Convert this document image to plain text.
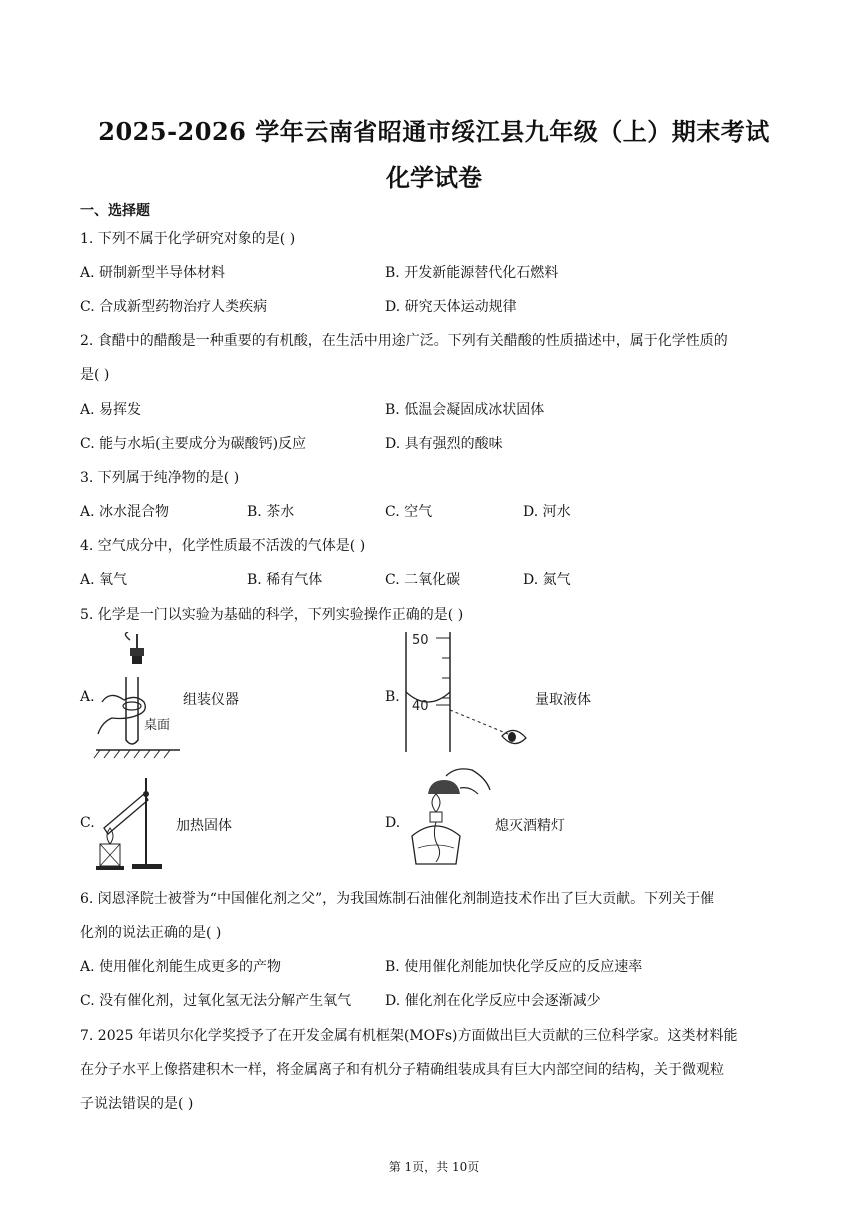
2025-2026 学年云南省昭通市绥江县九年级（上）期末考试
化学试卷
一、选择题
1. 下列不属于化学研究对象的是( )
A. 研制新型半导体材料	B. 开发新能源替代化石燃料
C. 合成新型药物治疗人类疾病	D. 研究天体运动规律
2. 食醋中的醋酸是一种重要的有机酸，在生活中用途广泛。下列有关醋酸的性质描述中，属于化学性质的
是( )
A. 易挥发	B. 低温会凝固成冰状固体
C. 能与水垢(主要成分为碳酸钙)反应	D. 具有强烈的酸味
3. 下列属于纯净物的是( )
A. 冰水混合物	B. 茶水	C. 空气	D. 河水
4. 空气成分中，化学性质最不活泼的气体是( )
A. 氧气	B. 稀有气体	C. 二氧化碳	D. 氮气
5. 化学是一门以实验为基础的科学，下列实验操作正确的是( )
A.
桌面
组装仪器	B.
50
40	量取液体
C.	加热固体	D.	熄灭酒精灯
6. 闵恩泽院士被誉为“中国催化剂之父”，为我国炼制石油催化剂制造技术作出了巨大贡献。下列关于催
化剂的说法正确的是( )
A. 使用催化剂能生成更多的产物	B. 使用催化剂能加快化学反应的反应速率
C. 没有催化剂，过氧化氢无法分解产生氧气 D. 催化剂在化学反应中会逐渐减少
7. 2025 年诺贝尔化学奖授予了在开发金属有机框架(MOFs)方面做出巨大贡献的三位科学家。这类材料能
在分子水平上像搭建积木一样，将金属离子和有机分子精确组装成具有巨大内部空间的结构，关于微观粒
子说法错误的是( )
第 1页，共 10页
